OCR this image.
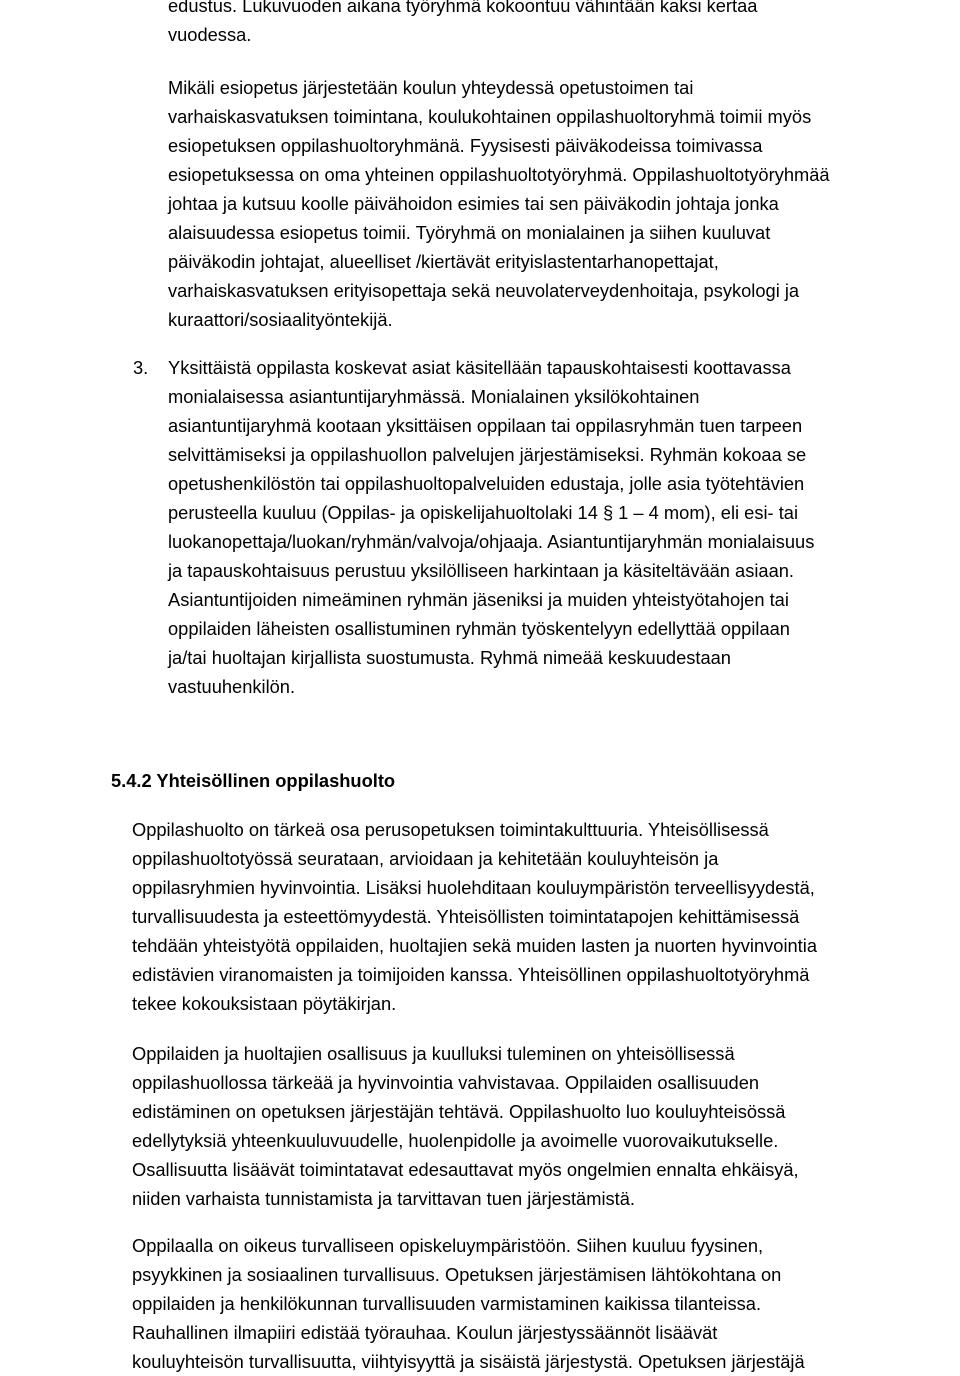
edustus. Lukuvuoden aikana työryhmä kokoontuu vähintään kaksi kertaa
vuodessa.

Mikäli esiopetus järjestetään koulun yhteydessä opetustoimen tai
varhaiskasvatuksen toimintana, koulukohtainen oppilashuoltoryhmä toimii myös
esiopetuksen oppilashuoltoryhmänä. Fyysisesti päiväkodeissa toimivassa
esiopetuksessa on oma yhteinen oppilashuoltotyöryhmä. Oppilashuoltotyöryhmää
johtaa ja kutsuu koolle päivähoidon esimies tai sen päiväkodin johtaja jonka
alaisuudessa esiopetus toimii. Työryhmä on monialainen ja siihen kuuluvat
päiväkodin johtajat, alueelliset /kiertävät erityislastentarhanopettajat,
varhaiskasvatuksen erityisopettaja sekä neuvolaterveydenhoitaja, psykologi ja
kuraattori/sosiaalityöntekijä.

3. Yksittäistä oppilasta koskevat asiat käsitellään tapauskohtaisesti koottavassa
monialaisessa asiantuntijaryhmässä. Monialainen yksilökohtainen
asiantuntijaryhmä kootaan yksittäisen oppilaan tai oppilasryhmän tuen tarpeen
selvittämiseksi ja oppilashuollon palvelujen järjestämiseksi. Ryhmän kokoaa se
opetushenkilöstön tai oppilashuoltopalveluiden edustaja, jolle asia työtehtävien
perusteella kuuluu (Oppilas- ja opiskelijahuoltolaki 14 § 1 – 4 mom), eli esi- tai
luokanopettaja/luokan/ryhmän/valvoja/ohjaaja. Asiantuntijaryhmän monialaisuus
ja tapauskohtaisuus perustuu yksilölliseen harkintaan ja käsiteltävään asiaan.
Asiantuntijoiden nimeäminen ryhmän jäseniksi ja muiden yhteistyötahojen tai
oppilaiden läheisten osallistuminen ryhmän työskentelyyn edellyttää oppilaan
ja/tai huoltajan kirjallista suostumusta. Ryhmä nimeää keskuudestaan
vastuuhenkilön.

5.4.2 Yhteisöllinen oppilashuolto

Oppilashuolto on tärkeä osa perusopetuksen toimintakulttuuria. Yhteisöllisessä
oppilashuoltotyössä seurataan, arvioidaan ja kehitetään kouluyhteisön ja
oppilasryhmien hyvinvointia. Lisäksi huolehditaan kouluympäristön terveellisyydestä,
turvallisuudesta ja esteettömyydestä. Yhteisöllisten toimintatapojen kehittämisessä
tehdään yhteistyötä oppilaiden, huoltajien sekä muiden lasten ja nuorten hyvinvointia
edistävien viranomaisten ja toimijoiden kanssa. Yhteisöllinen oppilashuoltotyöryhmä
tekee kokouksistaan pöytäkirjan.

Oppilaiden ja huoltajien osallisuus ja kuulluksi tuleminen on yhteisöllisessä
oppilashuollossa tärkeää ja hyvinvointia vahvistavaa. Oppilaiden osallisuuden
edistäminen on opetuksen järjestäjän tehtävä. Oppilashuolto luo kouluyhteisössä
edellytyksiä yhteenkuuluvuudelle, huolenpidolle ja avoimelle vuorovaikutukselle.
Osallisuutta lisäävät toimintatavat edesauttavat myös ongelmien ennalta ehkäisyä,
niiden varhaista tunnistamista ja tarvittavan tuen järjestämistä.

Oppilaalla on oikeus turvalliseen opiskeluympäristöön. Siihen kuuluu fyysinen,
psyykkinen ja sosiaalinen turvallisuus. Opetuksen järjestämisen lähtökohtana on
oppilaiden ja henkilökunnan turvallisuuden varmistaminen kaikissa tilanteissa.
Rauhallinen ilmapiiri edistää työrauhaa. Koulun järjestyssäännöt lisäävät
kouluyhteisön turvallisuutta, viihtyisyyttä ja sisäistä järjestystä. Opetuksen järjestäjä
